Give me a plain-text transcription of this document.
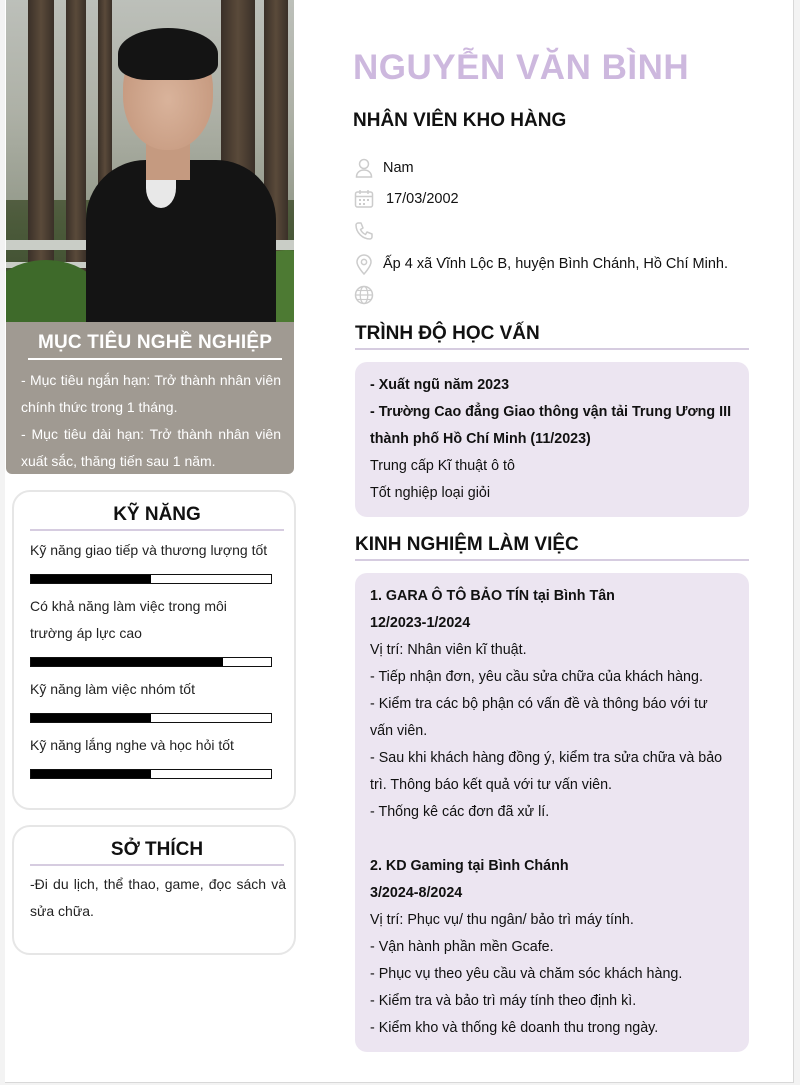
MỤC TIÊU NGHỀ NGHIỆP

- Mục tiêu ngắn hạn: Trở thành nhân viên chính thức trong 1 tháng.

- Mục tiêu dài hạn: Trở thành nhân viên xuất sắc, thăng tiến sau 1 năm.

KỸ NĂNG
Kỹ năng giao tiếp và thương lượng tốt
Có khả năng làm việc trong môi trường áp lực cao
Kỹ năng làm việc nhóm tốt
Kỹ năng lắng nghe và học hỏi tốt
SỞ THÍCH
-Đi du lịch, thể thao, game, đọc sách và sửa chữa.
NGUYỄN VĂN BÌNH
NHÂN VIÊN KHO HÀNG
Nam
17/03/2002
Ấp 4 xã Vĩnh Lộc B, huyện Bình Chánh, Hồ Chí Minh.
TRÌNH ĐỘ HỌC VẤN

- Xuất ngũ năm 2023

- Trường Cao đẳng Giao thông vận tải Trung Ương III thành phố Hồ Chí Minh (11/2023)

Trung cấp Kĩ thuật ô tô

Tốt nghiệp loại giỏi

KINH NGHIỆM LÀM VIỆC

1. GARA Ô TÔ BẢO TÍN tại Bình Tân

12/2023-1/2024

Vị trí: Nhân viên kĩ thuật.

- Tiếp nhận đơn, yêu cầu sửa chữa của khách hàng.

- Kiểm tra các bộ phận có vấn đề và thông báo với tư vấn viên.

- Sau khi khách hàng đồng ý, kiểm tra sửa chữa và bảo trì. Thông báo kết quả với tư vấn viên.

- Thống kê các đơn đã xử lí.

2. KD Gaming tại Bình Chánh

3/2024-8/2024

Vị trí: Phục vụ/ thu ngân/ bảo trì máy tính.

- Vận hành phần mền Gcafe.

- Phục vụ theo yêu cầu và chăm sóc khách hàng.

- Kiểm tra và bảo trì máy tính theo định kì.

- Kiểm kho và thống kê doanh thu trong ngày.
